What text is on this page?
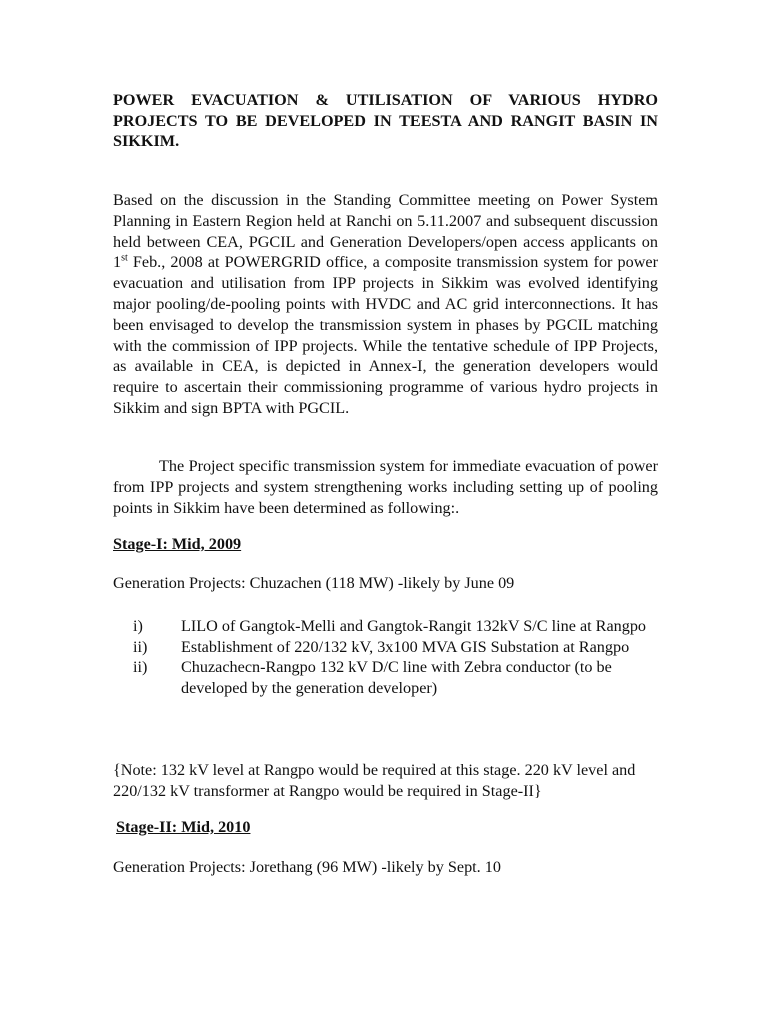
POWER EVACUATION & UTILISATION OF VARIOUS HYDRO PROJECTS TO BE DEVELOPED IN TEESTA AND RANGIT BASIN IN SIKKIM.

Based on the discussion in the Standing Committee meeting on Power System Planning in Eastern Region held at Ranchi on 5.11.2007 and subsequent discussion held between CEA, PGCIL and Generation Developers/open access applicants on 1st Feb., 2008 at POWERGRID office, a composite transmission system for power evacuation and utilisation from IPP projects in Sikkim was evolved identifying major pooling/de-pooling points with HVDC and AC grid interconnections. It has been envisaged to develop the transmission system in phases by PGCIL matching with the commission of IPP projects. While the tentative schedule of IPP Projects, as available in CEA, is depicted in Annex-I, the generation developers would require to ascertain their commissioning programme of various hydro projects in Sikkim and sign BPTA with PGCIL.

The Project specific transmission system for immediate evacuation of power from IPP projects and system strengthening works including setting up of pooling points in Sikkim have been determined as following:.

Stage-I: Mid, 2009

Generation Projects: Chuzachen (118 MW) -likely by June 09

i) LILO of Gangtok-Melli and Gangtok-Rangit 132kV S/C line at Rangpo
ii) Establishment of 220/132 kV, 3x100 MVA GIS Substation at Rangpo
ii) Chuzachecn-Rangpo 132 kV D/C line with Zebra conductor (to be developed by the generation developer)

{Note: 132 kV level at Rangpo would be required at this stage. 220 kV level and 220/132 kV transformer at Rangpo would be required in Stage-II}

Stage-II: Mid, 2010

Generation Projects: Jorethang (96 MW) -likely by Sept. 10
